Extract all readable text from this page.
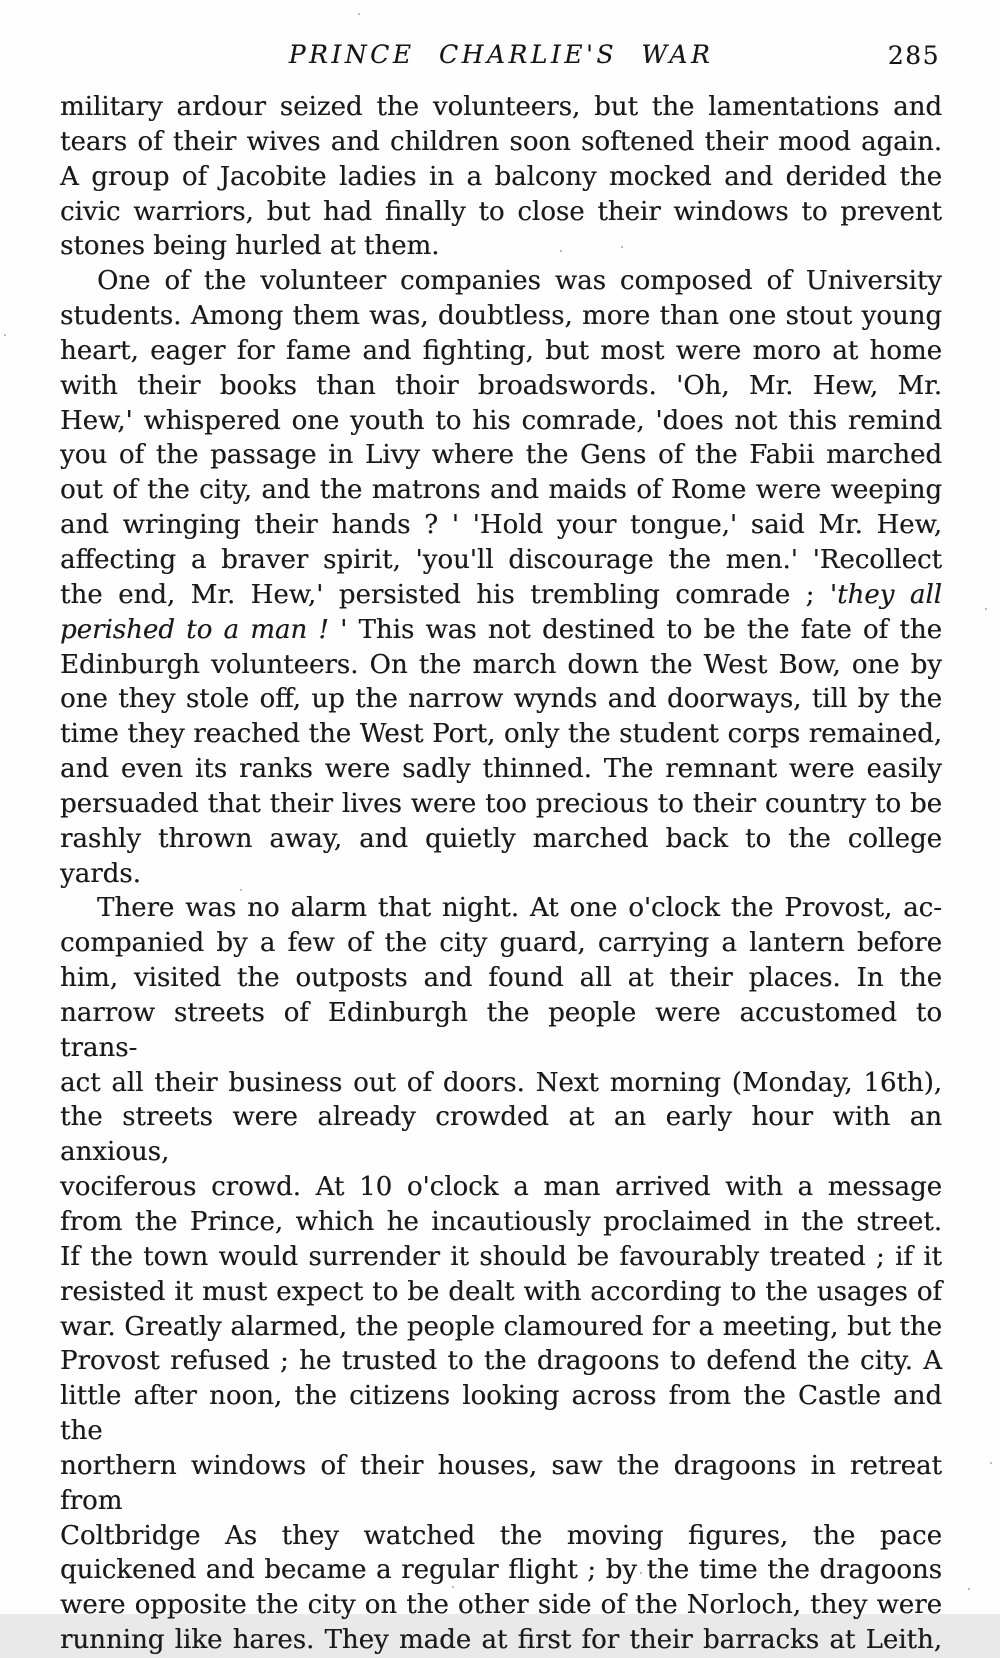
PRINCE CHARLIE'S WAR	285
military ardour seized the volunteers, but the lamentations and
tears of their wives and children soon softened their mood again.
A group of Jacobite ladies in a balcony mocked and derided the
civic warriors, but had finally to close their windows to prevent
stones being hurled at them.
One of the volunteer companies was composed of University
students. Among them was, doubtless, more than one stout young
heart, eager for fame and fighting, but most were moro at home
with their books than thoir broadswords. 'Oh, Mr. Hew, Mr.
Hew,' whispered one youth to his comrade, 'does not this remind
you of the passage in Livy where the Gens of the Fabii marched
out of the city, and the matrons and maids of Rome were weeping
and wringing their hands ? ' 'Hold your tongue,' said Mr. Hew,
affecting a braver spirit, 'you'll discourage the men.' 'Recollect
the end, Mr. Hew,' persisted his trembling comrade ; 'they all
perished to a man ! ' This was not destined to be the fate of the
Edinburgh volunteers. On the march down the West Bow, one by
one they stole off, up the narrow wynds and doorways, till by the
time they reached the West Port, only the student corps remained,
and even its ranks were sadly thinned. The remnant were easily
persuaded that their lives were too precious to their country to be
rashly thrown away, and quietly marched back to the college
yards.
There was no alarm that night. At one o'clock the Provost, ac-
companied by a few of the city guard, carrying a lantern before
him, visited the outposts and found all at their places. In the
narrow streets of Edinburgh the people were accustomed to trans-
act all their business out of doors. Next morning (Monday, 16th),
the streets were already crowded at an early hour with an anxious,
vociferous crowd. At 10 o'clock a man arrived with a message
from the Prince, which he incautiously proclaimed in the street.
If the town would surrender it should be favourably treated ; if it
resisted it must expect to be dealt with according to the usages of
war. Greatly alarmed, the people clamoured for a meeting, but the
Provost refused ; he trusted to the dragoons to defend the city. A
little after noon, the citizens looking across from the Castle and the
northern windows of their houses, saw the dragoons in retreat from
Coltbridge As they watched the moving figures, the pace
quickened and became a regular flight ; by the time the dragoons
were opposite the city on the other side of the Norloch, they were
running like hares. They made at first for their barracks at Leith,
